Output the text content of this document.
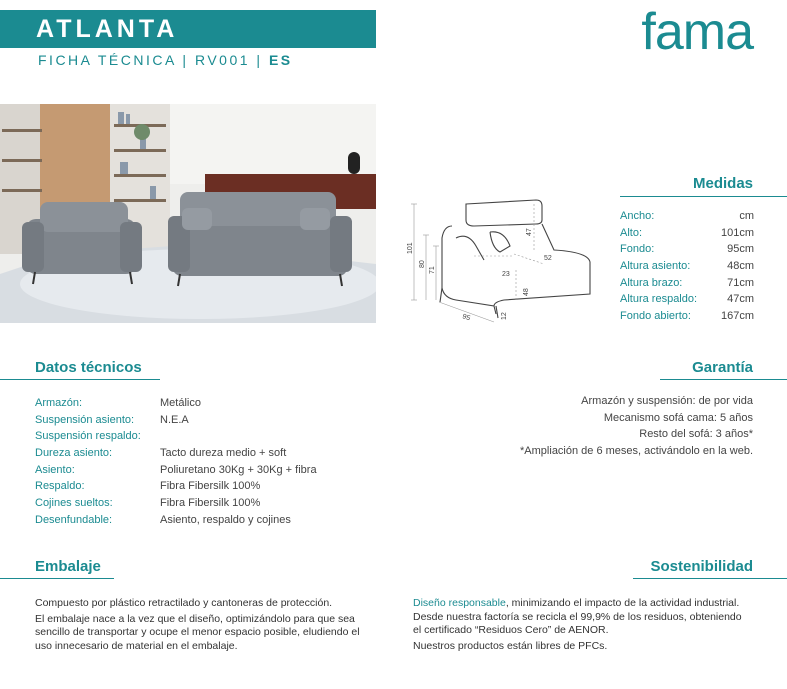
ATLANTA
FICHA TÉCNICA | RV001 | ES	fama
101
80
71
47
52
23
48
95	12
Medidas
Ancho:	cm
Alto:	101cm
Fondo:	95cm
Altura asiento:	48cm
Altura brazo:	71cm
Altura respaldo:	47cm
Fondo abierto:	167cm
Datos técnicos
Armazón:	Metálico
Suspensión asiento:	N.E.A
Suspensión respaldo:
Dureza asiento:	Tacto dureza medio + soft
Asiento:	Poliuretano 30Kg + 30Kg + fibra
Respaldo:	Fibra Fibersilk 100%
Cojines sueltos:	Fibra Fibersilk 100%
Desenfundable:	Asiento, respaldo y cojines
Garantía
Armazón y suspensión: de por vida
Mecanismo sofá cama: 5 años
Resto del sofá: 3 años*
*Ampliación de 6 meses, activándolo en la web.
Embalaje
Compuesto por plástico retractilado y cantoneras de protección.
El embalaje nace a la vez que el diseño, optimizándolo para que sea sencillo de transportar y ocupe el menor espacio posible, eludiendo el uso innecesario de material en el embalaje.
Sostenibilidad
Diseño responsable, minimizando el impacto de la actividad industrial. Desde nuestra factoría se recicla el 99,9% de los residuos, obteniendo el certificado “Residuos Cero” de AENOR.
Nuestros productos están libres de PFCs.
